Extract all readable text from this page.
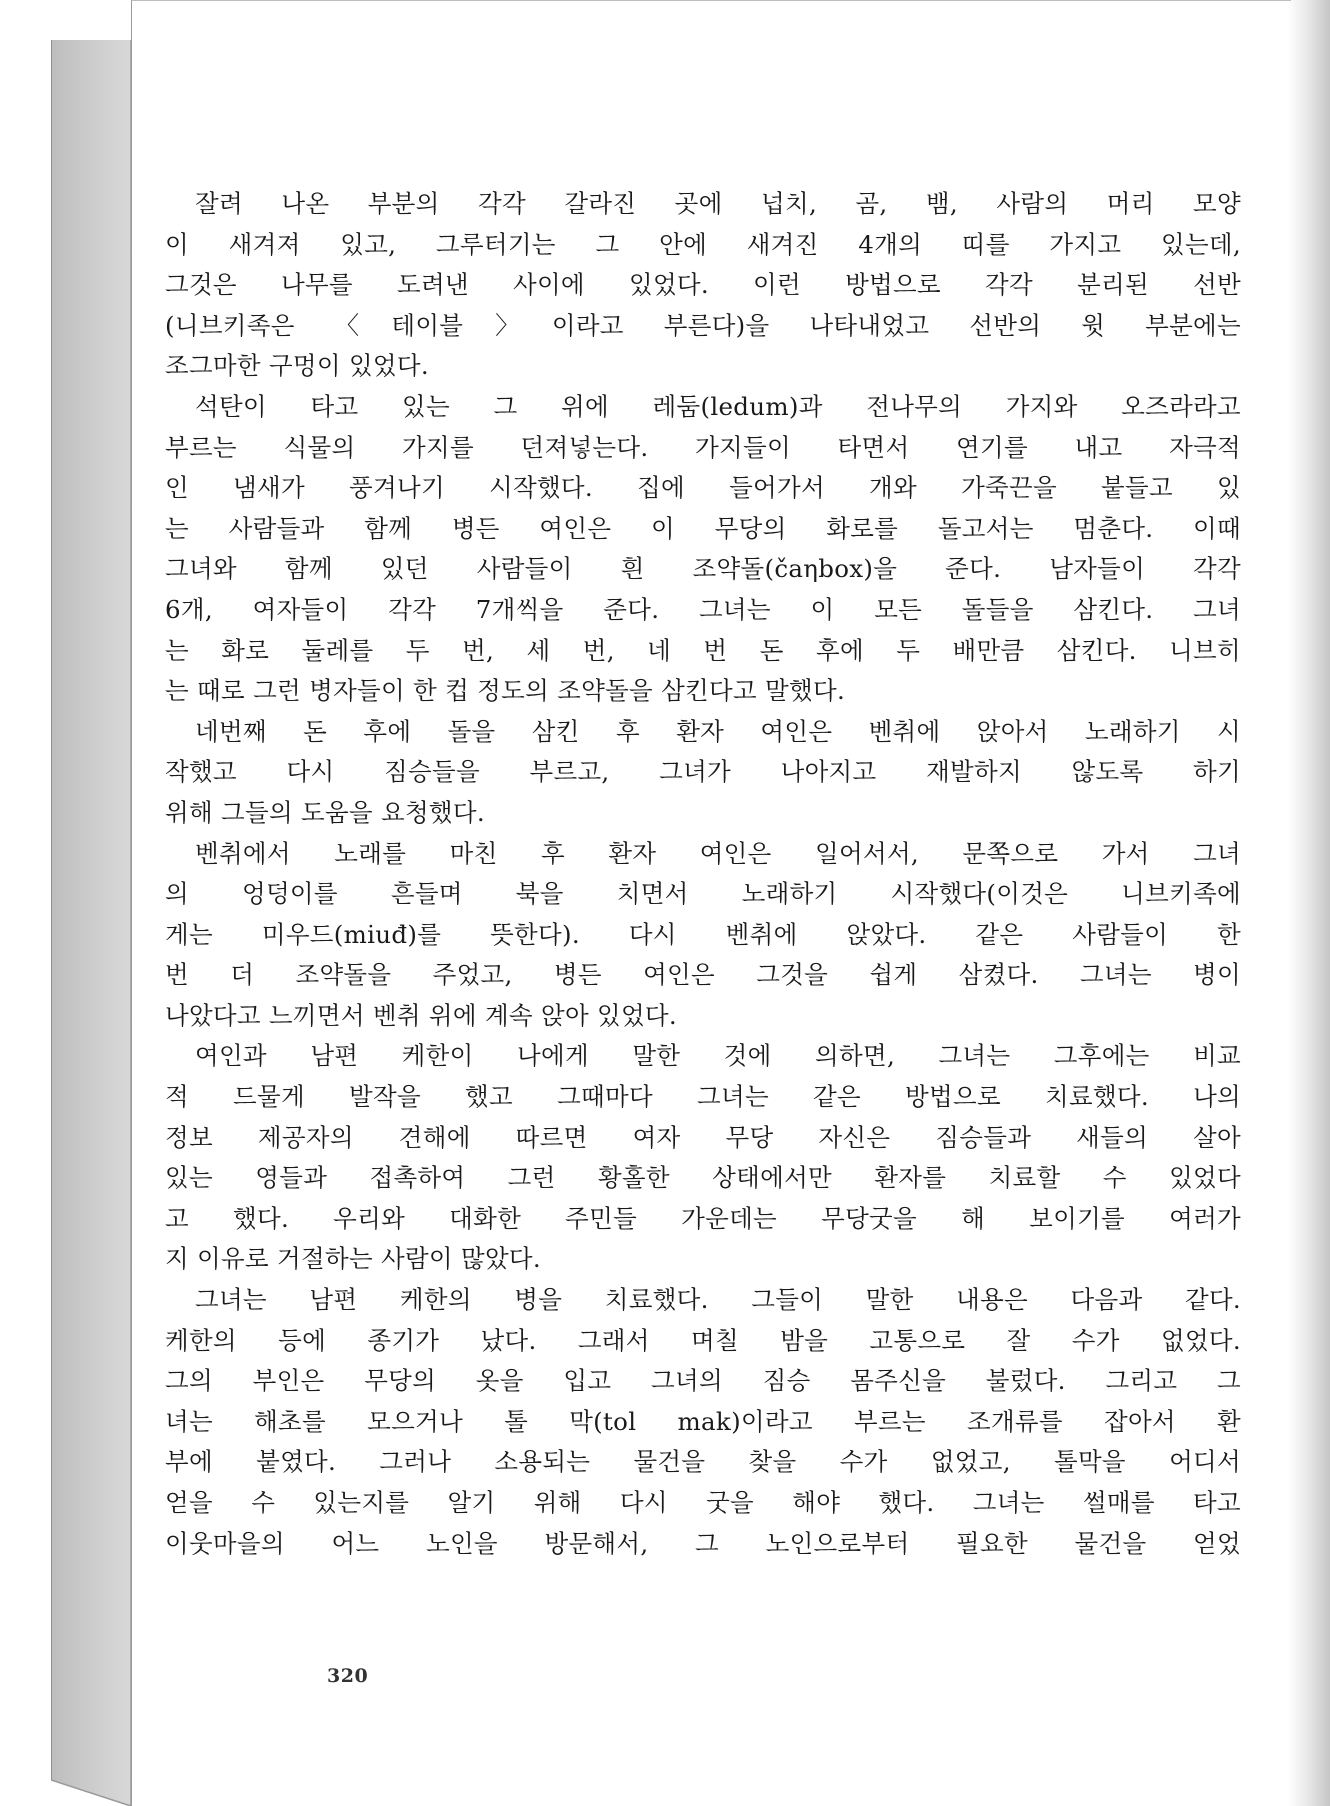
잘려 나온 부분의 각각 갈라진 곳에 넙치, 곰, 뱀, 사람의 머리 모양
이 새겨져 있고, 그루터기는 그 안에 새겨진 4개의 띠를 가지고 있는데,
그것은 나무를 도려낸 사이에 있었다. 이런 방법으로 각각 분리된 선반
(니브키족은 〈테이블〉이라고 부른다)을 나타내었고 선반의 윗 부분에는
조그마한 구멍이 있었다.
석탄이 타고 있는 그 위에 레둠(ledum)과 전나무의 가지와 오즈라라고
부르는 식물의 가지를 던져넣는다. 가지들이 타면서 연기를 내고 자극적
인 냄새가 풍겨나기 시작했다. 집에 들어가서 개와 가죽끈을 붙들고 있
는 사람들과 함께 병든 여인은 이 무당의 화로를 돌고서는 멈춘다. 이때
그녀와 함께 있던 사람들이 흰 조약돌(čaηbox)을 준다. 남자들이 각각
6개, 여자들이 각각 7개씩을 준다. 그녀는 이 모든 돌들을 삼킨다. 그녀
는 화로 둘레를 두 번, 세 번, 네 번 돈 후에 두 배만큼 삼킨다. 니브히
는 때로 그런 병자들이 한 컵 정도의 조약돌을 삼킨다고 말했다.
네번째 돈 후에 돌을 삼킨 후 환자 여인은 벤취에 앉아서 노래하기 시
작했고 다시 짐승들을 부르고, 그녀가 나아지고 재발하지 않도록 하기
위해 그들의 도움을 요청했다.
벤취에서 노래를 마친 후 환자 여인은 일어서서, 문쪽으로 가서 그녀
의 엉덩이를 흔들며 북을 치면서 노래하기 시작했다(이것은 니브키족에
게는 미우드(miuđ)를 뜻한다). 다시 벤취에 앉았다. 같은 사람들이 한
번 더 조약돌을 주었고, 병든 여인은 그것을 쉽게 삼켰다. 그녀는 병이
나았다고 느끼면서 벤취 위에 계속 앉아 있었다.
여인과 남편 케한이 나에게 말한 것에 의하면, 그녀는 그후에는 비교
적 드물게 발작을 했고 그때마다 그녀는 같은 방법으로 치료했다. 나의
정보 제공자의 견해에 따르면 여자 무당 자신은 짐승들과 새들의 살아
있는 영들과 접촉하여 그런 황홀한 상태에서만 환자를 치료할 수 있었다
고 했다. 우리와 대화한 주민들 가운데는 무당굿을 해 보이기를 여러가
지 이유로 거절하는 사람이 많았다.
그녀는 남편 케한의 병을 치료했다. 그들이 말한 내용은 다음과 같다.
케한의 등에 종기가 났다. 그래서 며칠 밤을 고통으로 잘 수가 없었다.
그의 부인은 무당의 옷을 입고 그녀의 짐승 몸주신을 불렀다. 그리고 그
녀는 해초를 모으거나 톨 막(tol mak)이라고 부르는 조개류를 잡아서 환
부에 붙였다. 그러나 소용되는 물건을 찾을 수가 없었고, 톨막을 어디서
얻을 수 있는지를 알기 위해 다시 굿을 해야 했다. 그녀는 썰매를 타고
이웃마을의 어느 노인을 방문해서, 그 노인으로부터 필요한 물건을 얻었
320
